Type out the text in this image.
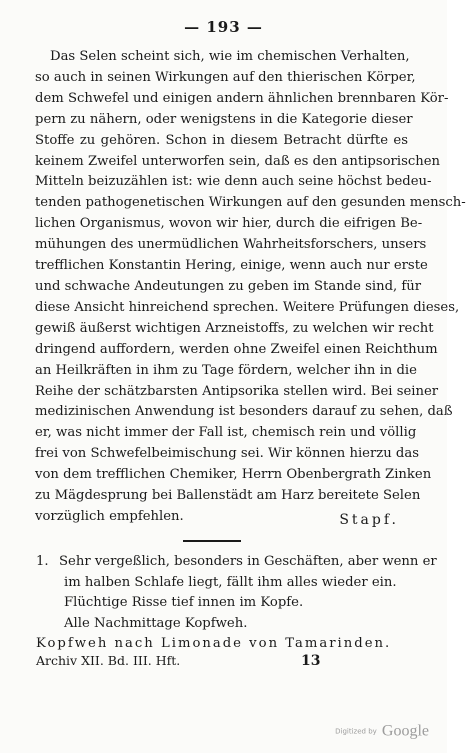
— 193 —
Das Selen scheint sich, wie im chemischen Verhalten,
so auch in seinen Wirkungen auf den thierischen Körper,
dem Schwefel und einigen andern ähnlichen brennbaren Kör-
pern zu nähern, oder wenigstens in die Kategorie dieser
Stoffe zu gehören. Schon in diesem Betracht dürfte es
keinem Zweifel unterworfen sein, daß es den antipsorischen
Mitteln beizuzählen ist: wie denn auch seine höchst bedeu-
tenden pathogenetischen Wirkungen auf den gesunden mensch-
lichen Organismus, wovon wir hier, durch die eifrigen Be-
mühungen des unermüdlichen Wahrheitsforschers, unsers
trefflichen Konstantin Hering, einige, wenn auch nur erste
und schwache Andeutungen zu geben im Stande sind, für
diese Ansicht hinreichend sprechen. Weitere Prüfungen dieses,
gewiß äußerst wichtigen Arzneistoffs, zu welchen wir recht
dringend auffordern, werden ohne Zweifel einen Reichthum
an Heilkräften in ihm zu Tage fördern, welcher ihn in die
Reihe der schätzbarsten Antipsorika stellen wird. Bei seiner
medizinischen Anwendung ist besonders darauf zu sehen, daß
er, was nicht immer der Fall ist, chemisch rein und völlig
frei von Schwefelbeimischung sei. Wir können hierzu das
von dem trefflichen Chemiker, Herrn Obenbergrath Zinken
zu Mägdesprung bei Ballenstädt am Harz bereitete Selen
vorzüglich empfehlen.	Stapf.
1. Sehr vergeßlich, besonders in Geschäften, aber wenn er
im halben Schlafe liegt, fällt ihm alles wieder ein.
Flüchtige Risse tief innen im Kopfe.
Alle Nachmittage Kopfweh.
Kopfweh nach Limonade von Tamarinden.
Archiv XII. Bd. III. Hft.	13
Digitized by Google
